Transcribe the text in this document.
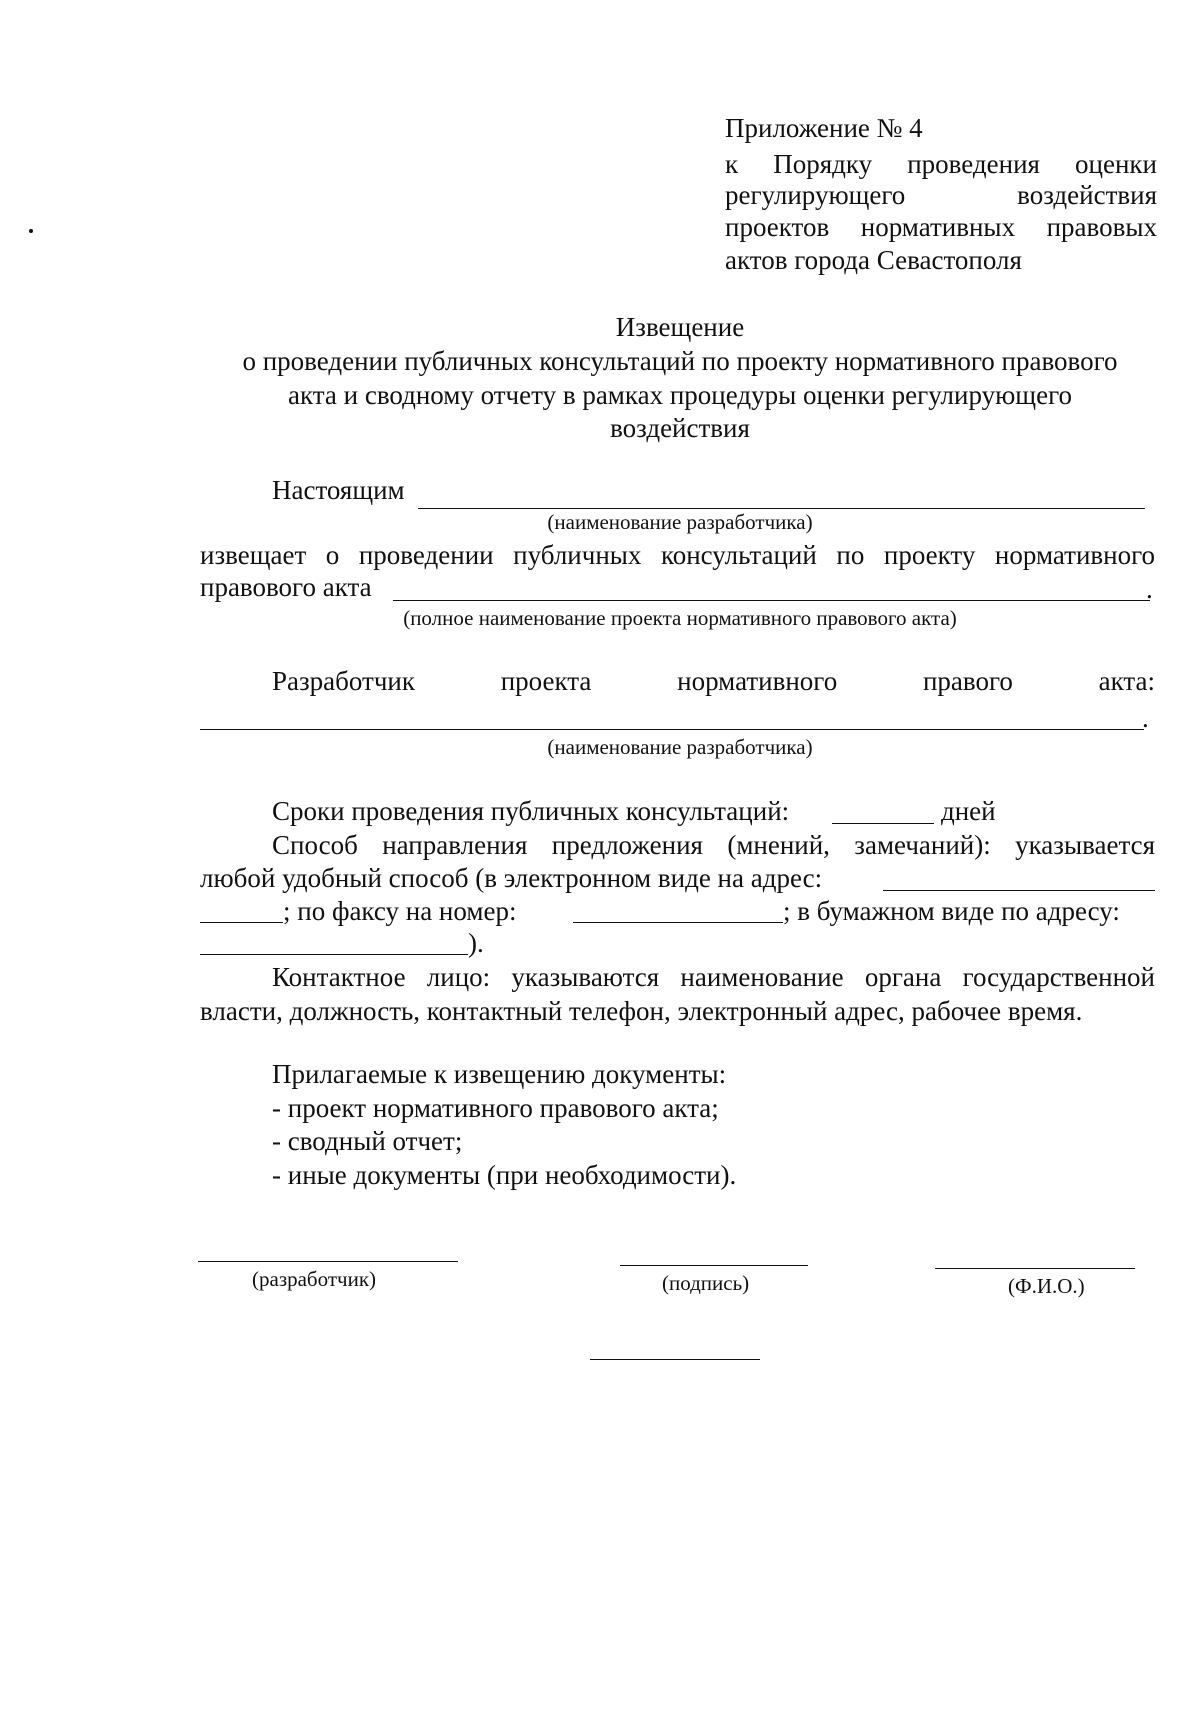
Приложение № 4
к Порядку проведения оценки
регулирующего воздействия
проектов нормативных правовых
актов города Севастополя
Извещение
о проведении публичных консультаций по проекту нормативного правового
акта и сводному отчету в рамках процедуры оценки регулирующего
воздействия
Настоящим
(наименование разработчика)
извещает о проведении публичных консультаций по проекту нормативного
правового акта	.
(полное наименование проекта нормативного правового акта)
Разработчик проекта нормативного правого акта:
.
(наименование разработчика)
Сроки проведения публичных консультаций:	дней
Способ направления предложения (мнений, замечаний): указывается
любой удобный способ (в электронном виде на адрес:
; по факсу на номер:	; в бумажном виде по адресу:
).
Контактное лицо: указываются наименование органа государственной
власти, должность, контактный телефон, электронный адрес, рабочее время.
Прилагаемые к извещению документы:
- проект нормативного правового акта;
- сводный отчет;
- иные документы (при необходимости).
(разработчик)	(подпись)	(Ф.И.О.)
